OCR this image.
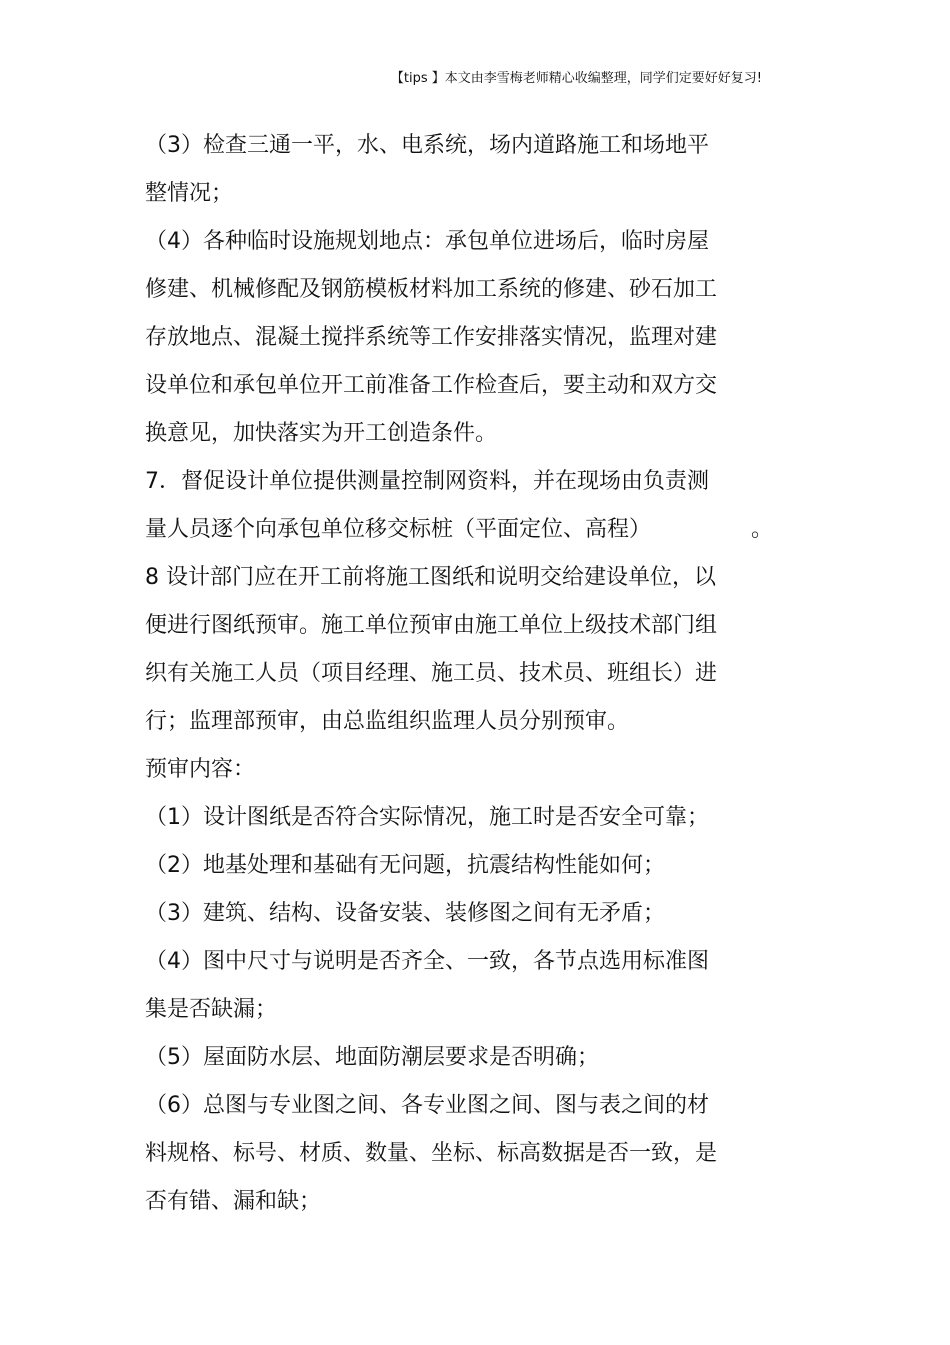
【tips 】本文由李雪梅老师精心收编整理，同学们定要好好复习!
（3）检查三通一平，水、电系统，场内道路施工和场地平
整情况；
（4）各种临时设施规划地点：承包单位进场后，临时房屋
修建、机械修配及钢筋模板材料加工系统的修建、砂石加工
存放地点、混凝土搅拌系统等工作安排落实情况，监理对建
设单位和承包单位开工前准备工作检查后，要主动和双方交
换意见，加快落实为开工创造条件。
7．督促设计单位提供测量控制网资料，并在现场由负责测
量人员逐个向承包单位移交标桩（平面定位、高程）	。
8 设计部门应在开工前将施工图纸和说明交给建设单位，以
便进行图纸预审。施工单位预审由施工单位上级技术部门组
织有关施工人员（项目经理、施工员、技术员、班组长）进
行；监理部预审，由总监组织监理人员分别预审。
预审内容：
（1）设计图纸是否符合实际情况，施工时是否安全可靠；
（2）地基处理和基础有无问题，抗震结构性能如何；
（3）建筑、结构、设备安装、装修图之间有无矛盾；
（4）图中尺寸与说明是否齐全、一致，各节点选用标准图
集是否缺漏；
（5）屋面防水层、地面防潮层要求是否明确；
（6）总图与专业图之间、各专业图之间、图与表之间的材
料规格、标号、材质、数量、坐标、标高数据是否一致，是
否有错、漏和缺；
